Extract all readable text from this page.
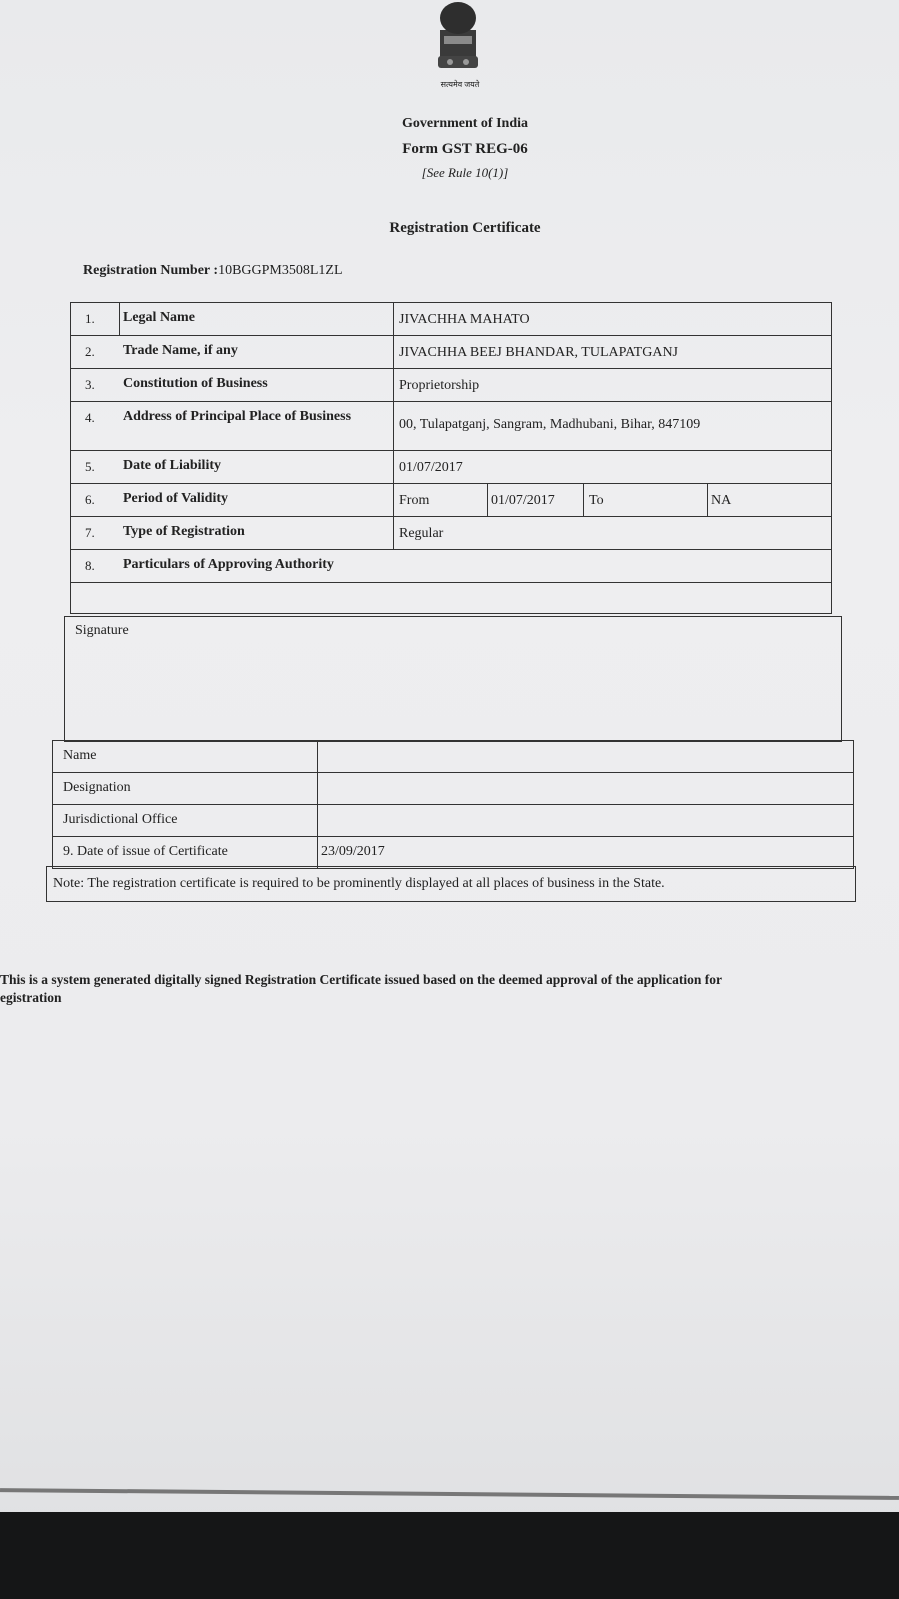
सत्यमेव जयते
Government of India
Form GST REG-06
[See Rule 10(1)]
Registration Certificate
Registration Number :10BGGPM3508L1ZL
1. Legal Name	JIVACHHA MAHATO
2. Trade Name, if any	JIVACHHA BEEJ BHANDAR, TULAPATGANJ
3. Constitution of Business	Proprietorship
4. Address of Principal Place of Business
00, Tulapatganj, Sangram, Madhubani, Bihar, 847109
5. Date of Liability	01/07/2017
6. Period of Validity	From	01/07/2017 To	NA
7. Type of Registration	Regular
8. Particulars of Approving Authority
Signature
Name
Designation
Jurisdictional Office
9. Date of issue of Certificate	23/09/2017
Note: The registration certificate is required to be prominently displayed at all places of business in the State.
This is a system generated digitally signed Registration Certificate issued based on the deemed approval of the application for
egistration
